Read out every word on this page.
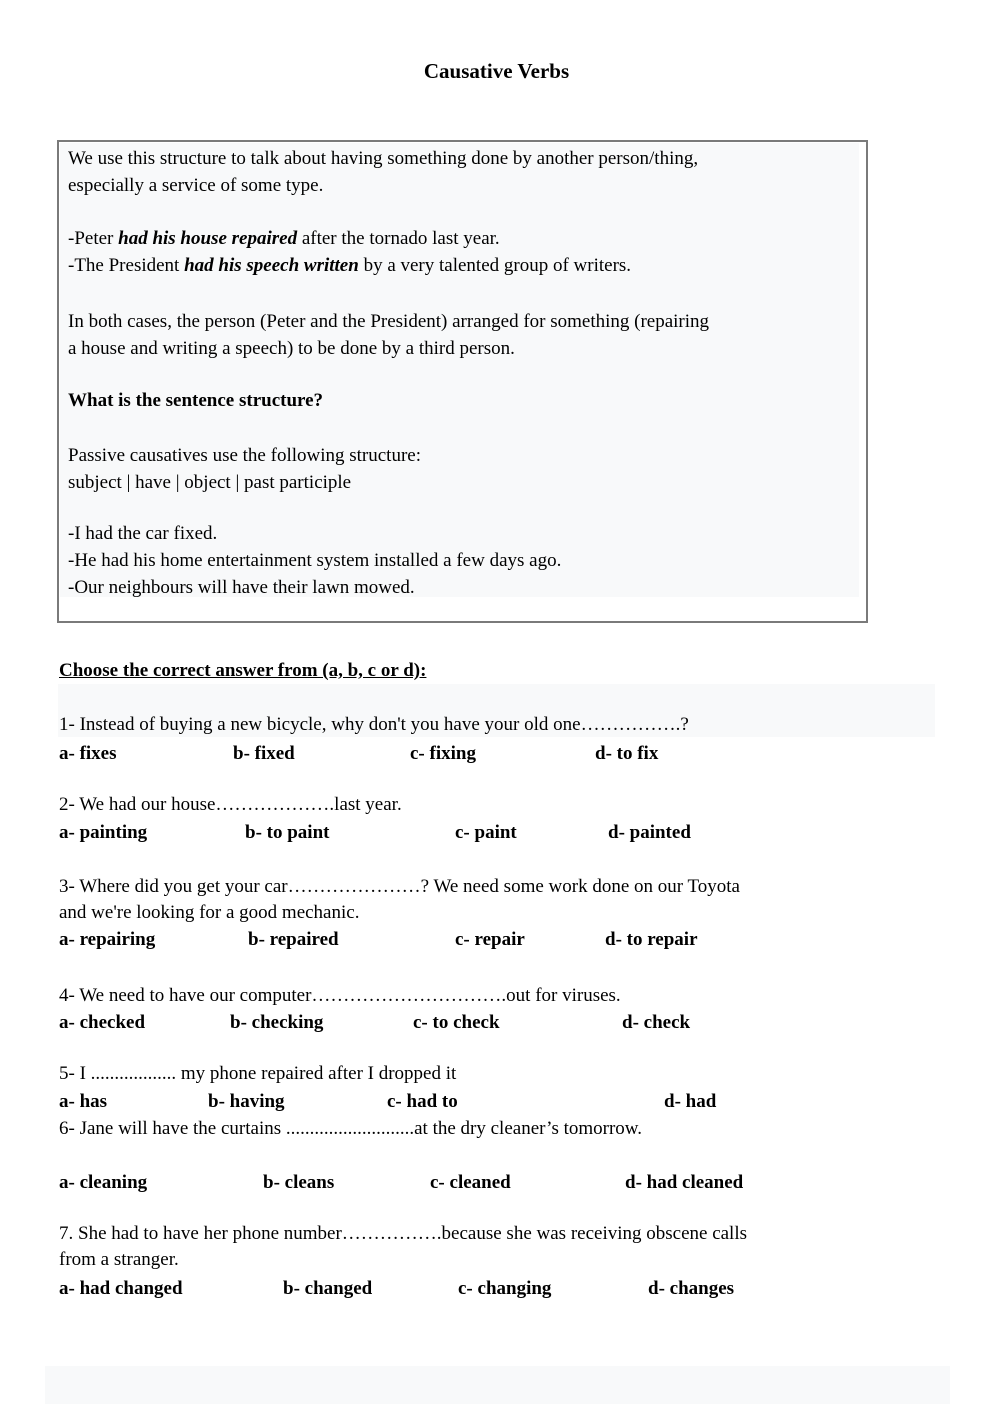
Causative Verbs
We use this structure to talk about having something done by another person/thing,
especially a service of some type.
-Peter had his house repaired after the tornado last year.
-The President had his speech written by a very talented group of writers.
In both cases, the person (Peter and the President) arranged for something (repairing
a house and writing a speech) to be done by a third person.
What is the sentence structure?
Passive causatives use the following structure:
subject | have | object | past participle
-I had the car fixed.
-He had his home entertainment system installed a few days ago.
-Our neighbours will have their lawn mowed.
Choose the correct answer from (a, b, c or d):
1- Instead of buying a new bicycle, why don't you have your old one…………….?
a- fixes	b- fixed	c- fixing	d- to fix
2- We had our house……………….last year.
a- painting	b- to paint	c- paint	d- painted
3- Where did you get your car…………………? We need some work done on our Toyota
and we're looking for a good mechanic.
a- repairing	b- repaired	c- repair	d- to repair
4- We need to have our computer………………………….out for viruses.
a- checked	b- checking	c- to check	d- check
5- I .................. my phone repaired after I dropped it
a- has	b- having	c- had to	d- had
6- Jane will have the curtains ...........................at the dry cleaner’s tomorrow.
a- cleaning	b- cleans	c- cleaned	d- had cleaned
7. She had to have her phone number…………….because she was receiving obscene calls
from a stranger.
a- had changed	b- changed	c- changing	d- changes
